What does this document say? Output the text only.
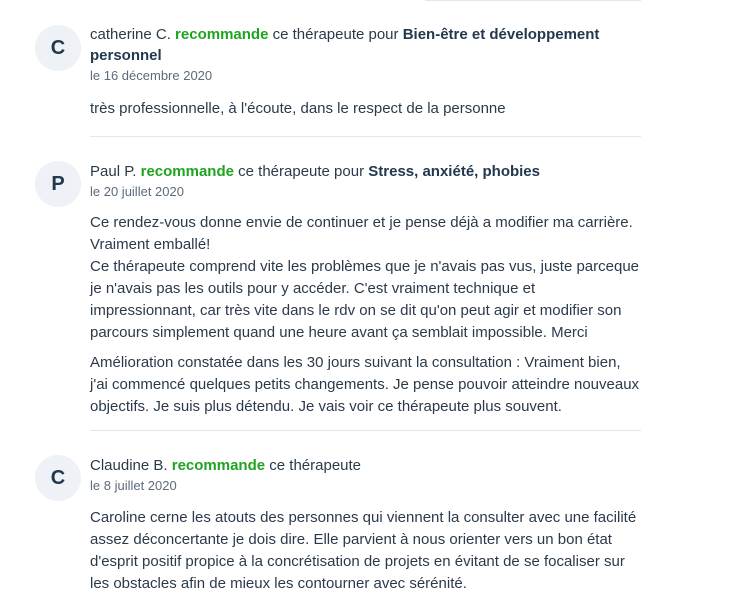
C
catherine C. recommande ce thérapeute pour Bien-être et développement personnel
le 16 décembre 2020

très professionnelle, à l'écoute, dans le respect de la personne

P
Paul P. recommande ce thérapeute pour Stress, anxiété, phobies
le 20 juillet 2020

Ce rendez-vous donne envie de continuer et je pense déjà a modifier ma carrière. Vraiment emballé!
Ce thérapeute comprend vite les problèmes que je n'avais pas vus, juste parceque je n'avais pas les outils pour y accéder. C'est vraiment technique et impressionnant, car très vite dans le rdv on se dit qu'on peut agir et modifier son parcours simplement quand une heure avant ça semblait impossible. Merci

Amélioration constatée dans les 30 jours suivant la consultation : Vraiment bien, j'ai commencé quelques petits changements. Je pense pouvoir atteindre nouveaux objectifs. Je suis plus détendu. Je vais voir ce thérapeute plus souvent.

C
Claudine B. recommande ce thérapeute
le 8 juillet 2020

Caroline cerne les atouts des personnes qui viennent la consulter avec une facilité assez déconcertante je dois dire. Elle parvient à nous orienter vers un bon état d'esprit positif propice à la concrétisation de projets en évitant de se focaliser sur les obstacles afin de mieux les contourner avec sérénité.
